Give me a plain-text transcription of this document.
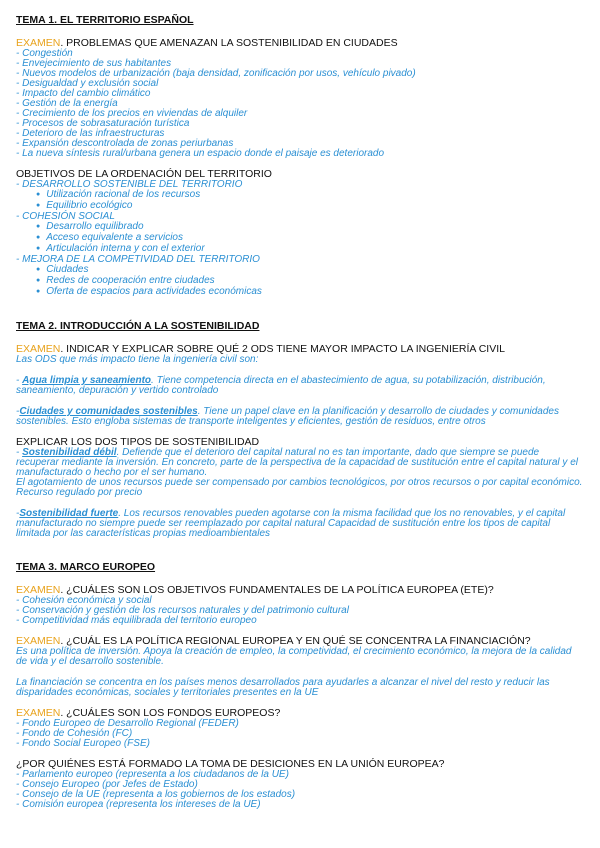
TEMA 1. EL TERRITORIO ESPAÑOL
EXAMEN. PROBLEMAS QUE AMENAZAN LA SOSTENIBILIDAD EN CIUDADES
- Congestión
- Envejecimiento de sus habitantes
- Nuevos modelos de urbanización (baja densidad, zonificación por usos, vehículo pivado)
- Desigualdad y exclusión social
- Impacto del cambio climático
- Gestión de la energía
- Crecimiento de los precios en viviendas de alquiler
- Procesos de sobrasaturación turística
- Deterioro de las infraestructuras
- Expansión descontrolada de zonas periurbanas
- La nueva síntesis rural/urbana genera un espacio donde el paisaje es deteriorado
OBJETIVOS DE LA ORDENACIÓN DEL TERRITORIO
- DESARROLLO SOSTENIBLE DEL TERRITORIO
● Utilización racional de los recursos
● Equilibrio ecológico
- COHESIÓN SOCIAL
● Desarrollo equilibrado
● Acceso equivalente a servicios
● Articulación interna y con el exterior
- MEJORA DE LA COMPETIVIDAD DEL TERRITORIO
● Ciudades
● Redes de cooperación entre ciudades
● Oferta de espacios para actividades económicas
TEMA 2. INTRODUCCIÓN A LA SOSTENIBILIDAD
EXAMEN. INDICAR Y EXPLICAR SOBRE QUÉ 2 ODS TIENE MAYOR IMPACTO LA INGENIERÍA CIVIL
Las ODS que más impacto tiene la ingeniería civil son:
- Agua limpia y saneamiento. Tiene competencia directa en el abastecimiento de agua, su potabilización, distribución, saneamiento, depuración y vertido controlado
-Ciudades y comunidades sostenibles. Tiene un papel clave en la planificación y desarrollo de ciudades y comunidades sostenibles. Esto engloba sistemas de transporte inteligentes y eficientes, gestión de residuos, entre otros
EXPLICAR LOS DOS TIPOS DE SOSTENIBILIDAD
- Sostenibilidad débil. Defiende que el deterioro del capital natural no es tan importante, dado que siempre se puede recuperar mediante la inversión. En concreto, parte de la perspectiva de la capacidad de sustitución entre el capital natural y el manufacturado o hecho por el ser humano.
El agotamiento de unos recursos puede ser compensado por cambios tecnológicos, por otros recursos o por capital económico. Recurso regulado por precio
-Sostenibilidad fuerte. Los recursos renovables pueden agotarse con la misma facilidad que los no renovables, y el capital manufacturado no siempre puede ser reemplazado por capital natural Capacidad de sustitución entre los tipos de capital limitada por las características propias medioambientales
TEMA 3. MARCO EUROPEO
EXAMEN. ¿CUÁLES SON LOS OBJETIVOS FUNDAMENTALES DE LA POLÍTICA EUROPEA (ETE)?
- Cohesión económica y social
- Conservación y gestión de los recursos naturales y del patrimonio cultural
- Competitividad más equilibrada del territorio europeo
EXAMEN. ¿CUÁL ES LA POLÍTICA REGIONAL EUROPEA Y EN QUÉ SE CONCENTRA LA FINANCIACIÓN?
Es una política de inversión. Apoya la creación de empleo, la competividad, el crecimiento económico, la mejora de la calidad de vida y el desarrollo sostenible.
La financiación se concentra en los países menos desarrollados para ayudarles a alcanzar el nivel del resto y reducir las disparidades económicas, sociales y territoriales presentes en la UE
EXAMEN. ¿CUÁLES SON LOS FONDOS EUROPEOS?
- Fondo Europeo de Desarrollo Regional (FEDER)
- Fondo de Cohesión (FC)
- Fondo Social Europeo (FSE)
¿POR QUIÉNES ESTÁ FORMADO LA TOMA DE DESICIONES EN LA UNIÓN EUROPEA?
- Parlamento europeo (representa a los ciudadanos de la UE)
- Consejo Europeo (por Jefes de Estado)
- Consejo de la UE (representa a los gobiernos de los estados)
- Comisión europea (representa los intereses de la UE)
